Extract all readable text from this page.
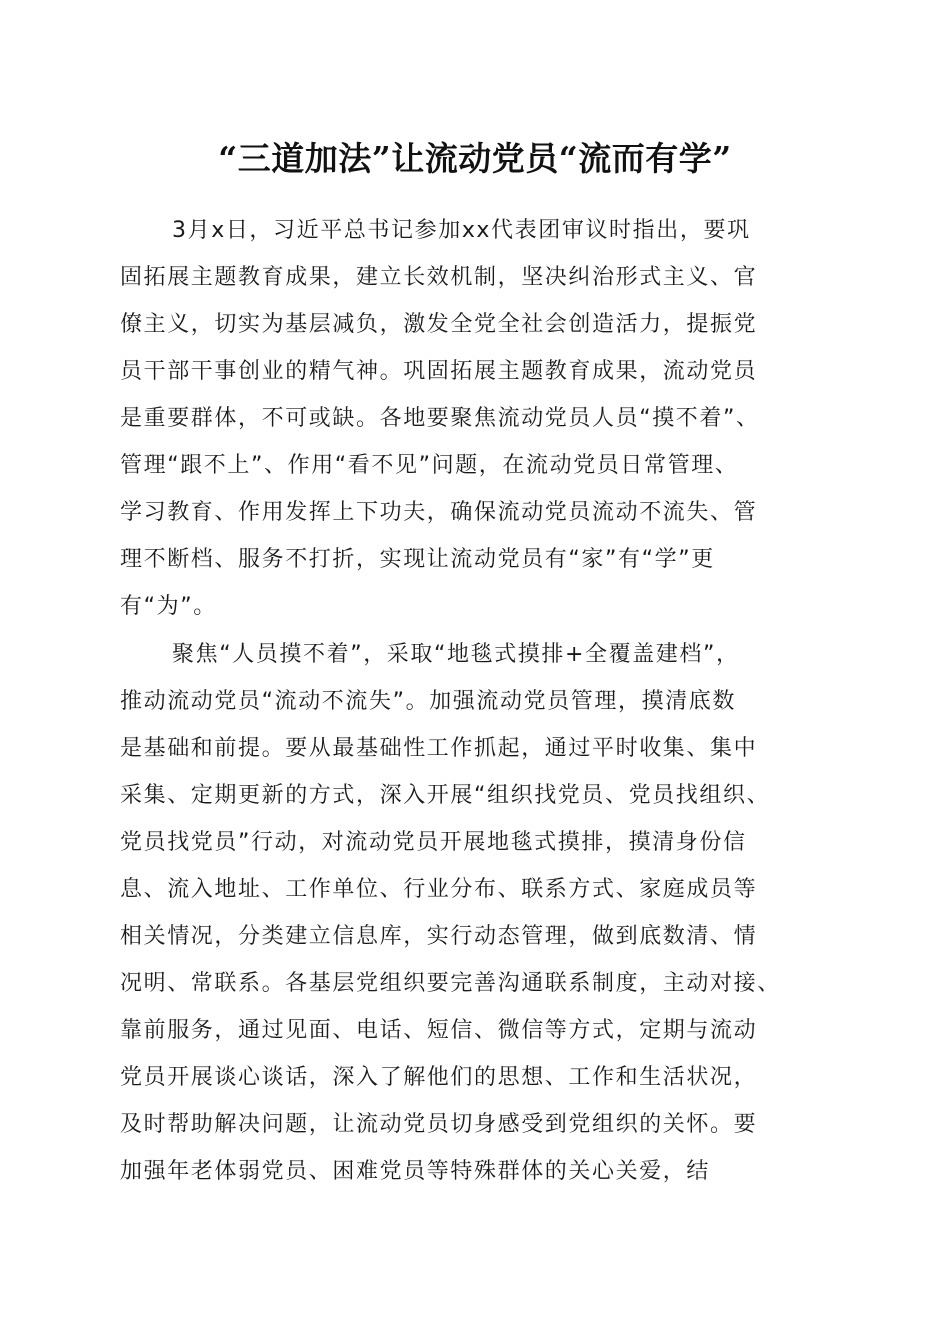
“三道加法”让流动党员“流而有学”
3月x日，习近平总书记参加xx代表团审议时指出，要巩
固拓展主题教育成果，建立长效机制，坚决纠治形式主义、官
僚主义，切实为基层减负，激发全党全社会创造活力，提振党
员干部干事创业的精气神。巩固拓展主题教育成果，流动党员
是重要群体，不可或缺。各地要聚焦流动党员人员“摸不着”、
管理“跟不上”、作用“看不见”问题，在流动党员日常管理、
学习教育、作用发挥上下功夫，确保流动党员流动不流失、管
理不断档、服务不打折，实现让流动党员有“家”有“学”更
有“为”。
聚焦“人员摸不着”，采取“地毯式摸排+全覆盖建档”，
推动流动党员“流动不流失”。加强流动党员管理，摸清底数
是基础和前提。要从最基础性工作抓起，通过平时收集、集中
采集、定期更新的方式，深入开展“组织找党员、党员找组织、
党员找党员”行动，对流动党员开展地毯式摸排，摸清身份信
息、流入地址、工作单位、行业分布、联系方式、家庭成员等
相关情况，分类建立信息库，实行动态管理，做到底数清、情
况明、常联系。各基层党组织要完善沟通联系制度，主动对接、
靠前服务，通过见面、电话、短信、微信等方式，定期与流动
党员开展谈心谈话，深入了解他们的思想、工作和生活状况，
及时帮助解决问题，让流动党员切身感受到党组织的关怀。要
加强年老体弱党员、困难党员等特殊群体的关心关爱，结
